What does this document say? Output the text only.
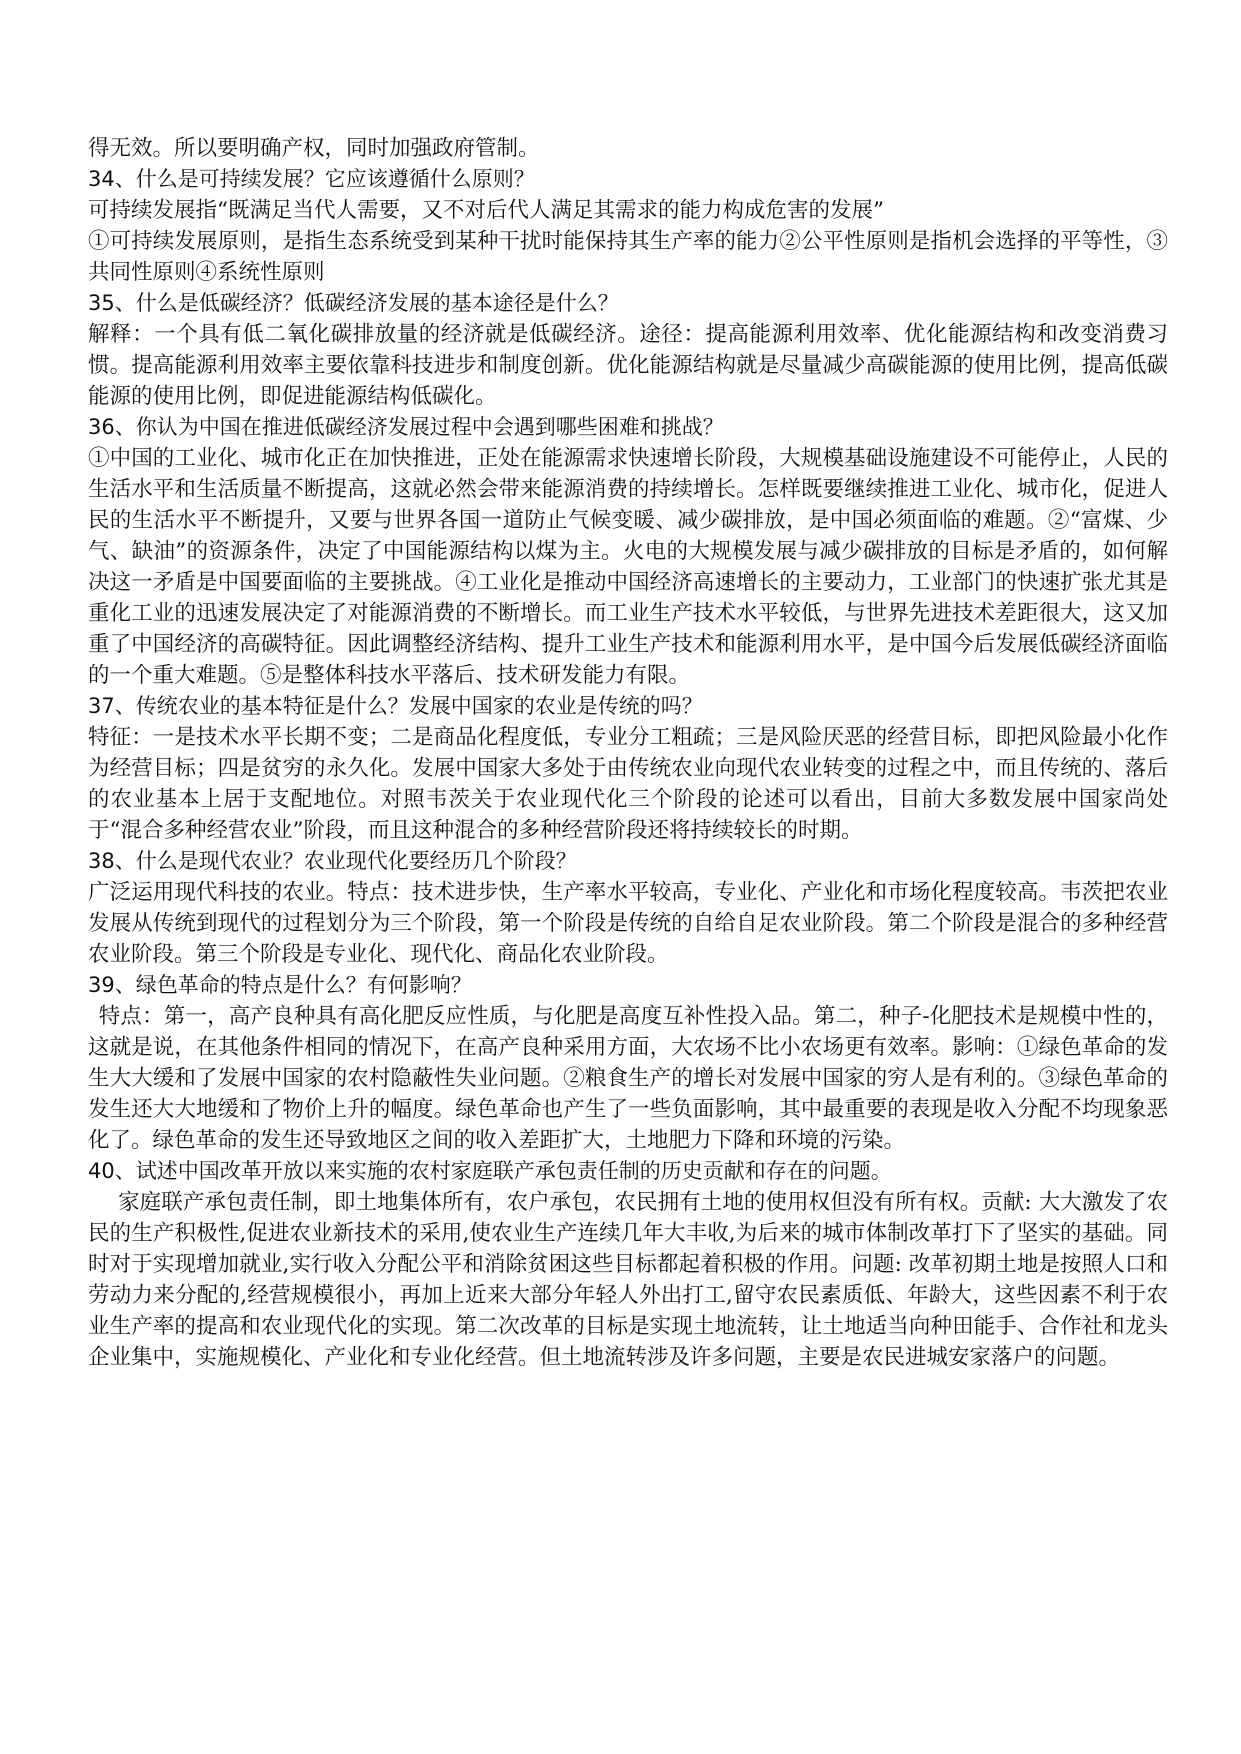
得无效。所以要明确产权，同时加强政府管制。

34、什么是可持续发展？它应该遵循什么原则？

可持续发展指“既满足当代人需要，又不对后代人满足其需求的能力构成危害的发展”

①可持续发展原则，是指生态系统受到某种干扰时能保持其生产率的能力②公平性原则是指机会选择的平等性，③共同性原则④系统性原则

35、什么是低碳经济？低碳经济发展的基本途径是什么？

解释：一个具有低二氧化碳排放量的经济就是低碳经济。途径：提高能源利用效率、优化能源结构和改变消费习惯。提高能源利用效率主要依靠科技进步和制度创新。优化能源结构就是尽量减少高碳能源的使用比例，提高低碳能源的使用比例，即促进能源结构低碳化。

36、你认为中国在推进低碳经济发展过程中会遇到哪些困难和挑战？

①中国的工业化、城市化正在加快推进，正处在能源需求快速增长阶段，大规模基础设施建设不可能停止，人民的生活水平和生活质量不断提高，这就必然会带来能源消费的持续增长。怎样既要继续推进工业化、城市化，促进人民的生活水平不断提升，又要与世界各国一道防止气候变暖、减少碳排放，是中国必须面临的难题。②“富煤、少气、缺油”的资源条件，决定了中国能源结构以煤为主。火电的大规模发展与减少碳排放的目标是矛盾的，如何解决这一矛盾是中国要面临的主要挑战。④工业化是推动中国经济高速增长的主要动力，工业部门的快速扩张尤其是重化工业的迅速发展决定了对能源消费的不断增长。而工业生产技术水平较低，与世界先进技术差距很大，这又加重了中国经济的高碳特征。因此调整经济结构、提升工业生产技术和能源利用水平，是中国今后发展低碳经济面临的一个重大难题。⑤是整体科技水平落后、技术研发能力有限。

37、传统农业的基本特征是什么？发展中国家的农业是传统的吗？

特征：一是技术水平长期不变；二是商品化程度低，专业分工粗疏；三是风险厌恶的经营目标，即把风险最小化作为经营目标；四是贫穷的永久化。发展中国家大多处于由传统农业向现代农业转变的过程之中，而且传统的、落后的农业基本上居于支配地位。对照韦茨关于农业现代化三个阶段的论述可以看出，目前大多数发展中国家尚处于“混合多种经营农业”阶段，而且这种混合的多种经营阶段还将持续较长的时期。

38、什么是现代农业？农业现代化要经历几个阶段？

广泛运用现代科技的农业。特点：技术进步快，生产率水平较高，专业化、产业化和市场化程度较高。韦茨把农业发展从传统到现代的过程划分为三个阶段，第一个阶段是传统的自给自足农业阶段。第二个阶段是混合的多种经营农业阶段。第三个阶段是专业化、现代化、商品化农业阶段。

39、绿色革命的特点是什么？有何影响？

特点：第一，高产良种具有高化肥反应性质，与化肥是高度互补性投入品。第二，种子-化肥技术是规模中性的，这就是说，在其他条件相同的情况下，在高产良种采用方面，大农场不比小农场更有效率。影响：①绿色革命的发生大大缓和了发展中国家的农村隐蔽性失业问题。②粮食生产的增长对发展中国家的穷人是有利的。③绿色革命的发生还大大地缓和了物价上升的幅度。绿色革命也产生了一些负面影响，其中最重要的表现是收入分配不均现象恶化了。绿色革命的发生还导致地区之间的收入差距扩大，土地肥力下降和环境的污染。

40、试述中国改革开放以来实施的农村家庭联产承包责任制的历史贡献和存在的问题。

家庭联产承包责任制，即土地集体所有，农户承包，农民拥有土地的使用权但没有所有权。贡献: 大大激发了农民的生产积极性,促进农业新技术的采用,使农业生产连续几年大丰收,为后来的城市体制改革打下了坚实的基础。同时对于实现增加就业,实行收入分配公平和消除贫困这些目标都起着积极的作用。问题: 改革初期土地是按照人口和劳动力来分配的,经营规模很小，再加上近来大部分年轻人外出打工,留守农民素质低、年龄大，这些因素不利于农业生产率的提高和农业现代化的实现。第二次改革的目标是实现土地流转，让土地适当向种田能手、合作社和龙头企业集中，实施规模化、产业化和专业化经营。但土地流转涉及许多问题，主要是农民进城安家落户的问题。
